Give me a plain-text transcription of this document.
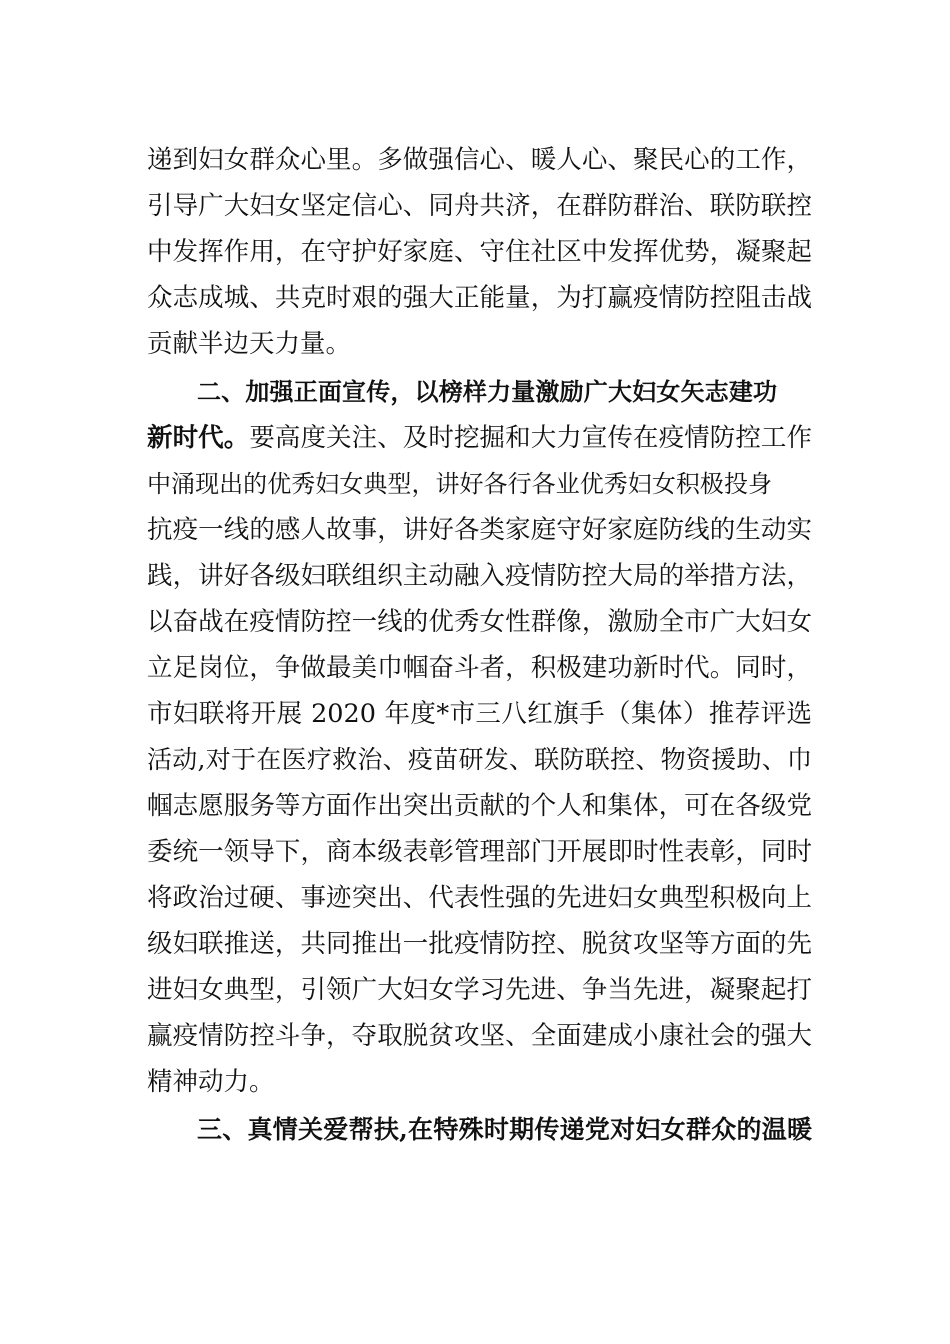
递到妇女群众心里。多做强信心、暖人心、聚民心的工作，
引导广大妇女坚定信心、同舟共济，在群防群治、联防联控
中发挥作用，在守护好家庭、守住社区中发挥优势，凝聚起
众志成城、共克时艰的强大正能量，为打赢疫情防控阻击战
贡献半边天力量。
二、加强正面宣传，以榜样力量激励广大妇女矢志建功
新时代。要高度关注、及时挖掘和大力宣传在疫情防控工作
中涌现出的优秀妇女典型，讲好各行各业优秀妇女积极投身
抗疫一线的感人故事，讲好各类家庭守好家庭防线的生动实
践，讲好各级妇联组织主动融入疫情防控大局的举措方法，
以奋战在疫情防控一线的优秀女性群像，激励全市广大妇女
立足岗位，争做最美巾帼奋斗者，积极建功新时代。同时，
市妇联将开展 2020 年度*市三八红旗手（集体）推荐评选
活动,对于在医疗救治、疫苗研发、联防联控、物资援助、巾
帼志愿服务等方面作出突出贡献的个人和集体，可在各级党
委统一领导下，商本级表彰管理部门开展即时性表彰，同时
将政治过硬、事迹突出、代表性强的先进妇女典型积极向上
级妇联推送，共同推出一批疫情防控、脱贫攻坚等方面的先
进妇女典型，引领广大妇女学习先进、争当先进，凝聚起打
赢疫情防控斗争，夺取脱贫攻坚、全面建成小康社会的强大
精神动力。
三、真情关爱帮扶,在特殊时期传递党对妇女群众的温暖
